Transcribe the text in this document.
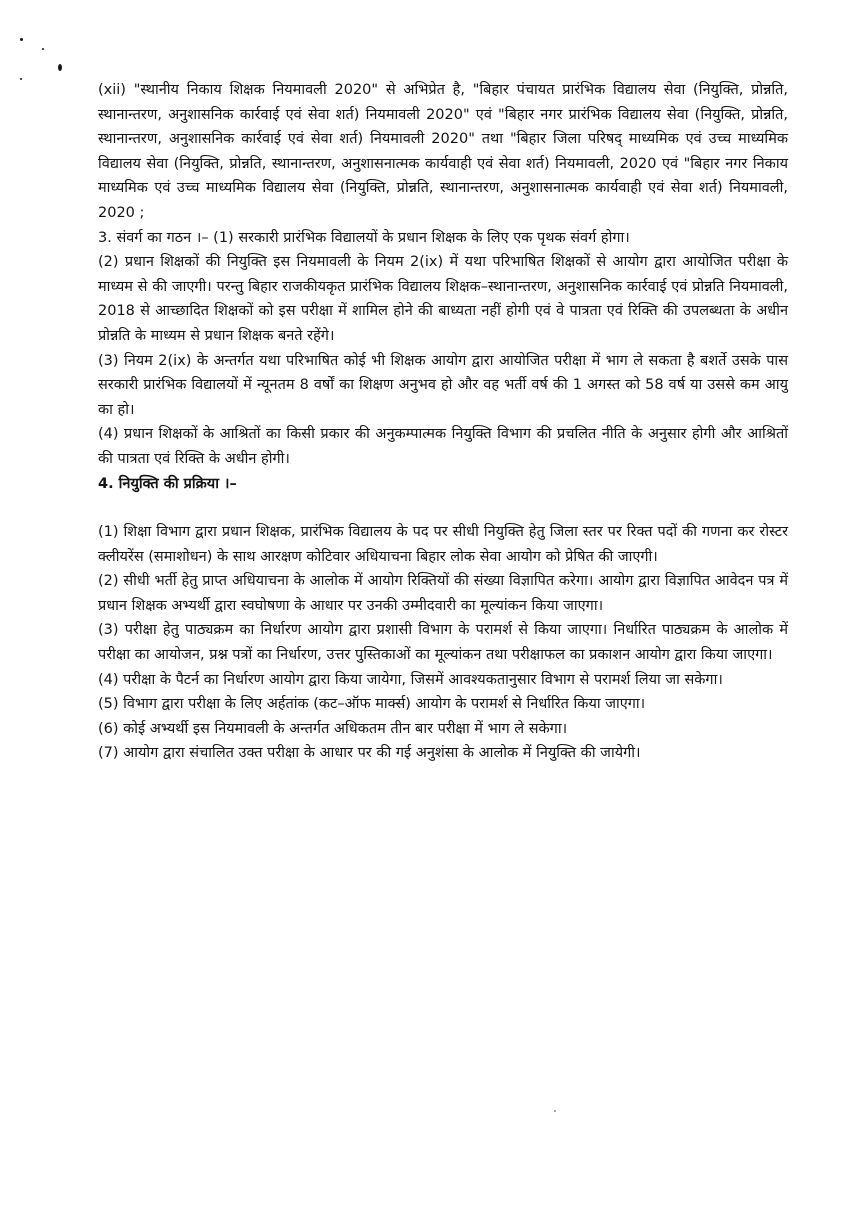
(xii) "स्थानीय निकाय शिक्षक नियमावली 2020" से अभिप्रेत है, "बिहार पंचायत प्रारंभिक विद्यालय सेवा (नियुक्ति, प्रोन्नति, स्थानान्तरण, अनुशासनिक कार्रवाई एवं सेवा शर्त) नियमावली 2020" एवं "बिहार नगर प्रारंभिक विद्यालय सेवा (नियुक्ति, प्रोन्नति, स्थानान्तरण, अनुशासनिक कार्रवाई एवं सेवा शर्त) नियमावली 2020" तथा "बिहार जिला परिषद् माध्यमिक एवं उच्च माध्यमिक विद्यालय सेवा (नियुक्ति, प्रोन्नति, स्थानान्तरण, अनुशासनात्मक कार्यवाही एवं सेवा शर्त) नियमावली, 2020 एवं "बिहार नगर निकाय माध्यमिक एवं उच्च माध्यमिक विद्यालय सेवा (नियुक्ति, प्रोन्नति, स्थानान्तरण, अनुशासनात्मक कार्यवाही एवं सेवा शर्त) नियमावली, 2020 ;

3. संवर्ग का गठन ।– (1) सरकारी प्रारंभिक विद्यालयों के प्रधान शिक्षक के लिए एक पृथक संवर्ग होगा।

(2) प्रधान शिक्षकों की नियुक्ति इस नियमावली के नियम 2(ix) में यथा परिभाषित शिक्षकों से आयोग द्वारा आयोजित परीक्षा के माध्यम से की जाएगी। परन्तु बिहार राजकीयकृत प्रारंभिक विद्यालय शिक्षक–स्थानान्तरण, अनुशासनिक कार्रवाई एवं प्रोन्नति नियमावली, 2018 से आच्छादित शिक्षकों को इस परीक्षा में शामिल होने की बाध्यता नहीं होगी एवं वे पात्रता एवं रिक्ति की उपलब्धता के अधीन प्रोन्नति के माध्यम से प्रधान शिक्षक बनते रहेंगे।

(3) नियम 2(ix) के अन्तर्गत यथा परिभाषित कोई भी शिक्षक आयोग द्वारा आयोजित परीक्षा में भाग ले सकता है बशर्ते उसके पास सरकारी प्रारंभिक विद्यालयों में न्यूनतम 8 वर्षों का शिक्षण अनुभव हो और वह भर्ती वर्ष की 1 अगस्त को 58 वर्ष या उससे कम आयु का हो।

(4) प्रधान शिक्षकों के आश्रितों का किसी प्रकार की अनुकम्पात्मक नियुक्ति विभाग की प्रचलित नीति के अनुसार होगी और आश्रितों की पात्रता एवं रिक्ति के अधीन होगी।

4. नियुक्ति की प्रक्रिया ।–

(1) शिक्षा विभाग द्वारा प्रधान शिक्षक, प्रारंभिक विद्यालय के पद पर सीधी नियुक्ति हेतु जिला स्तर पर रिक्त पदों की गणना कर रोस्टर क्लीयरेंस (समाशोधन) के साथ आरक्षण कोटिवार अधियाचना बिहार लोक सेवा आयोग को प्रेषित की जाएगी।

(2) सीधी भर्ती हेतु प्राप्त अधियाचना के आलोक में आयोग रिक्तियों की संख्या विज्ञापित करेगा। आयोग द्वारा विज्ञापित आवेदन पत्र में प्रधान शिक्षक अभ्यर्थी द्वारा स्वघोषणा के आधार पर उनकी उम्मीदवारी का मूल्यांकन किया जाएगा।

(3) परीक्षा हेतु पाठ्यक्रम का निर्धारण आयोग द्वारा प्रशासी विभाग के परामर्श से किया जाएगा। निर्धारित पाठ्यक्रम के आलोक में परीक्षा का आयोजन, प्रश्न पत्रों का निर्धारण, उत्तर पुस्तिकाओं का मूल्यांकन तथा परीक्षाफल का प्रकाशन आयोग द्वारा किया जाएगा।

(4) परीक्षा के पैटर्न का निर्धारण आयोग द्वारा किया जायेगा, जिसमें आवश्यकतानुसार विभाग से परामर्श लिया जा सकेगा।

(5) विभाग द्वारा परीक्षा के लिए अर्हतांक (कट–ऑफ मार्क्स) आयोग के परामर्श से निर्धारित किया जाएगा।

(6) कोई अभ्यर्थी इस नियमावली के अन्तर्गत अधिकतम तीन बार परीक्षा में भाग ले सकेगा।

(7) आयोग द्वारा संचालित उक्त परीक्षा के आधार पर की गई अनुशंसा के आलोक में नियुक्ति की जायेगी।
